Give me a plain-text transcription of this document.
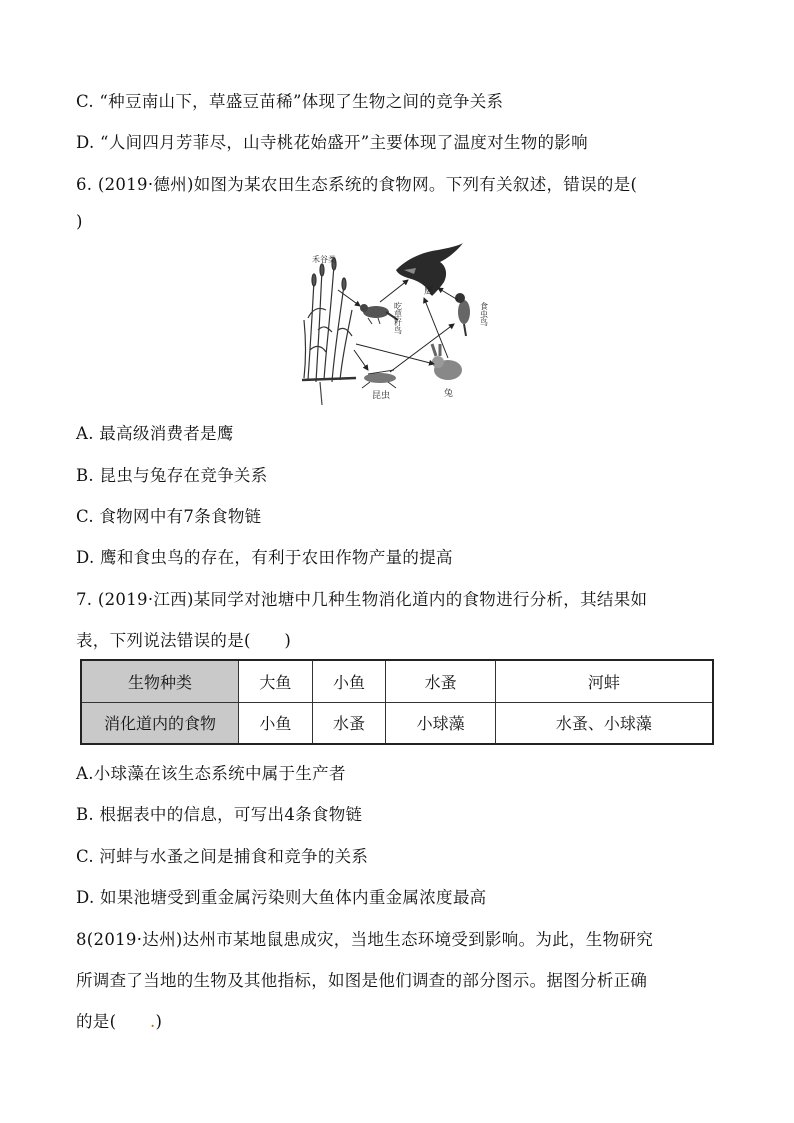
C. “种豆南山下，草盛豆苗稀”体现了生物之间的竞争关系
D. “人间四月芳菲尽，山寺桃花始盛开”主要体现了温度对生物的影响
6. (2019·德州)如图为某农田生态系统的食物网。下列有关叙述，错误的是(
)
禾谷类
鹰
吃草籽鸟	食虫鸟
昆虫	兔
A. 最高级消费者是鹰
B. 昆虫与兔存在竞争关系
C. 食物网中有7条食物链
D. 鹰和食虫鸟的存在，有利于农田作物产量的提高
7. (2019·江西)某同学对池塘中几种生物消化道内的食物进行分析，其结果如
表，下列说法错误的是(　　)
生物种类	大鱼	小鱼	水蚤	河蚌
消化道内的食物	小鱼	水蚤	小球藻	水蚤、小球藻
A.小球藻在该生态系统中属于生产者
B. 根据表中的信息，可写出4条食物链
C. 河蚌与水蚤之间是捕食和竞争的关系
D. 如果池塘受到重金属污染则大鱼体内重金属浓度最高
8(2019·达州)达州市某地鼠患成灾，当地生态环境受到影响。为此，生物研究
所调查了当地的生物及其他指标，如图是他们调查的部分图示。据图分析正确
的是(　　.)
